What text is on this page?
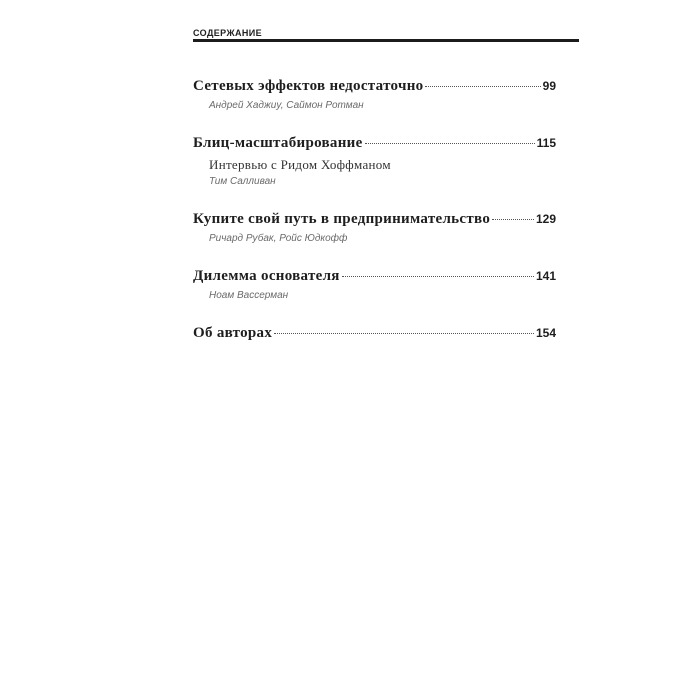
СОДЕРЖАНИЕ
Сетевых эффектов недостаточно	99
Андрей Хаджиу, Саймон Ротман
Блиц-масштабирование	115
Интервью с Ридом Хоффманом
Тим Салливан
Купите свой путь в предпринимательство	129
Ричард Рубак, Ройс Юдкофф
Дилемма основателя	141
Ноам Вассерман
Об авторах	154
